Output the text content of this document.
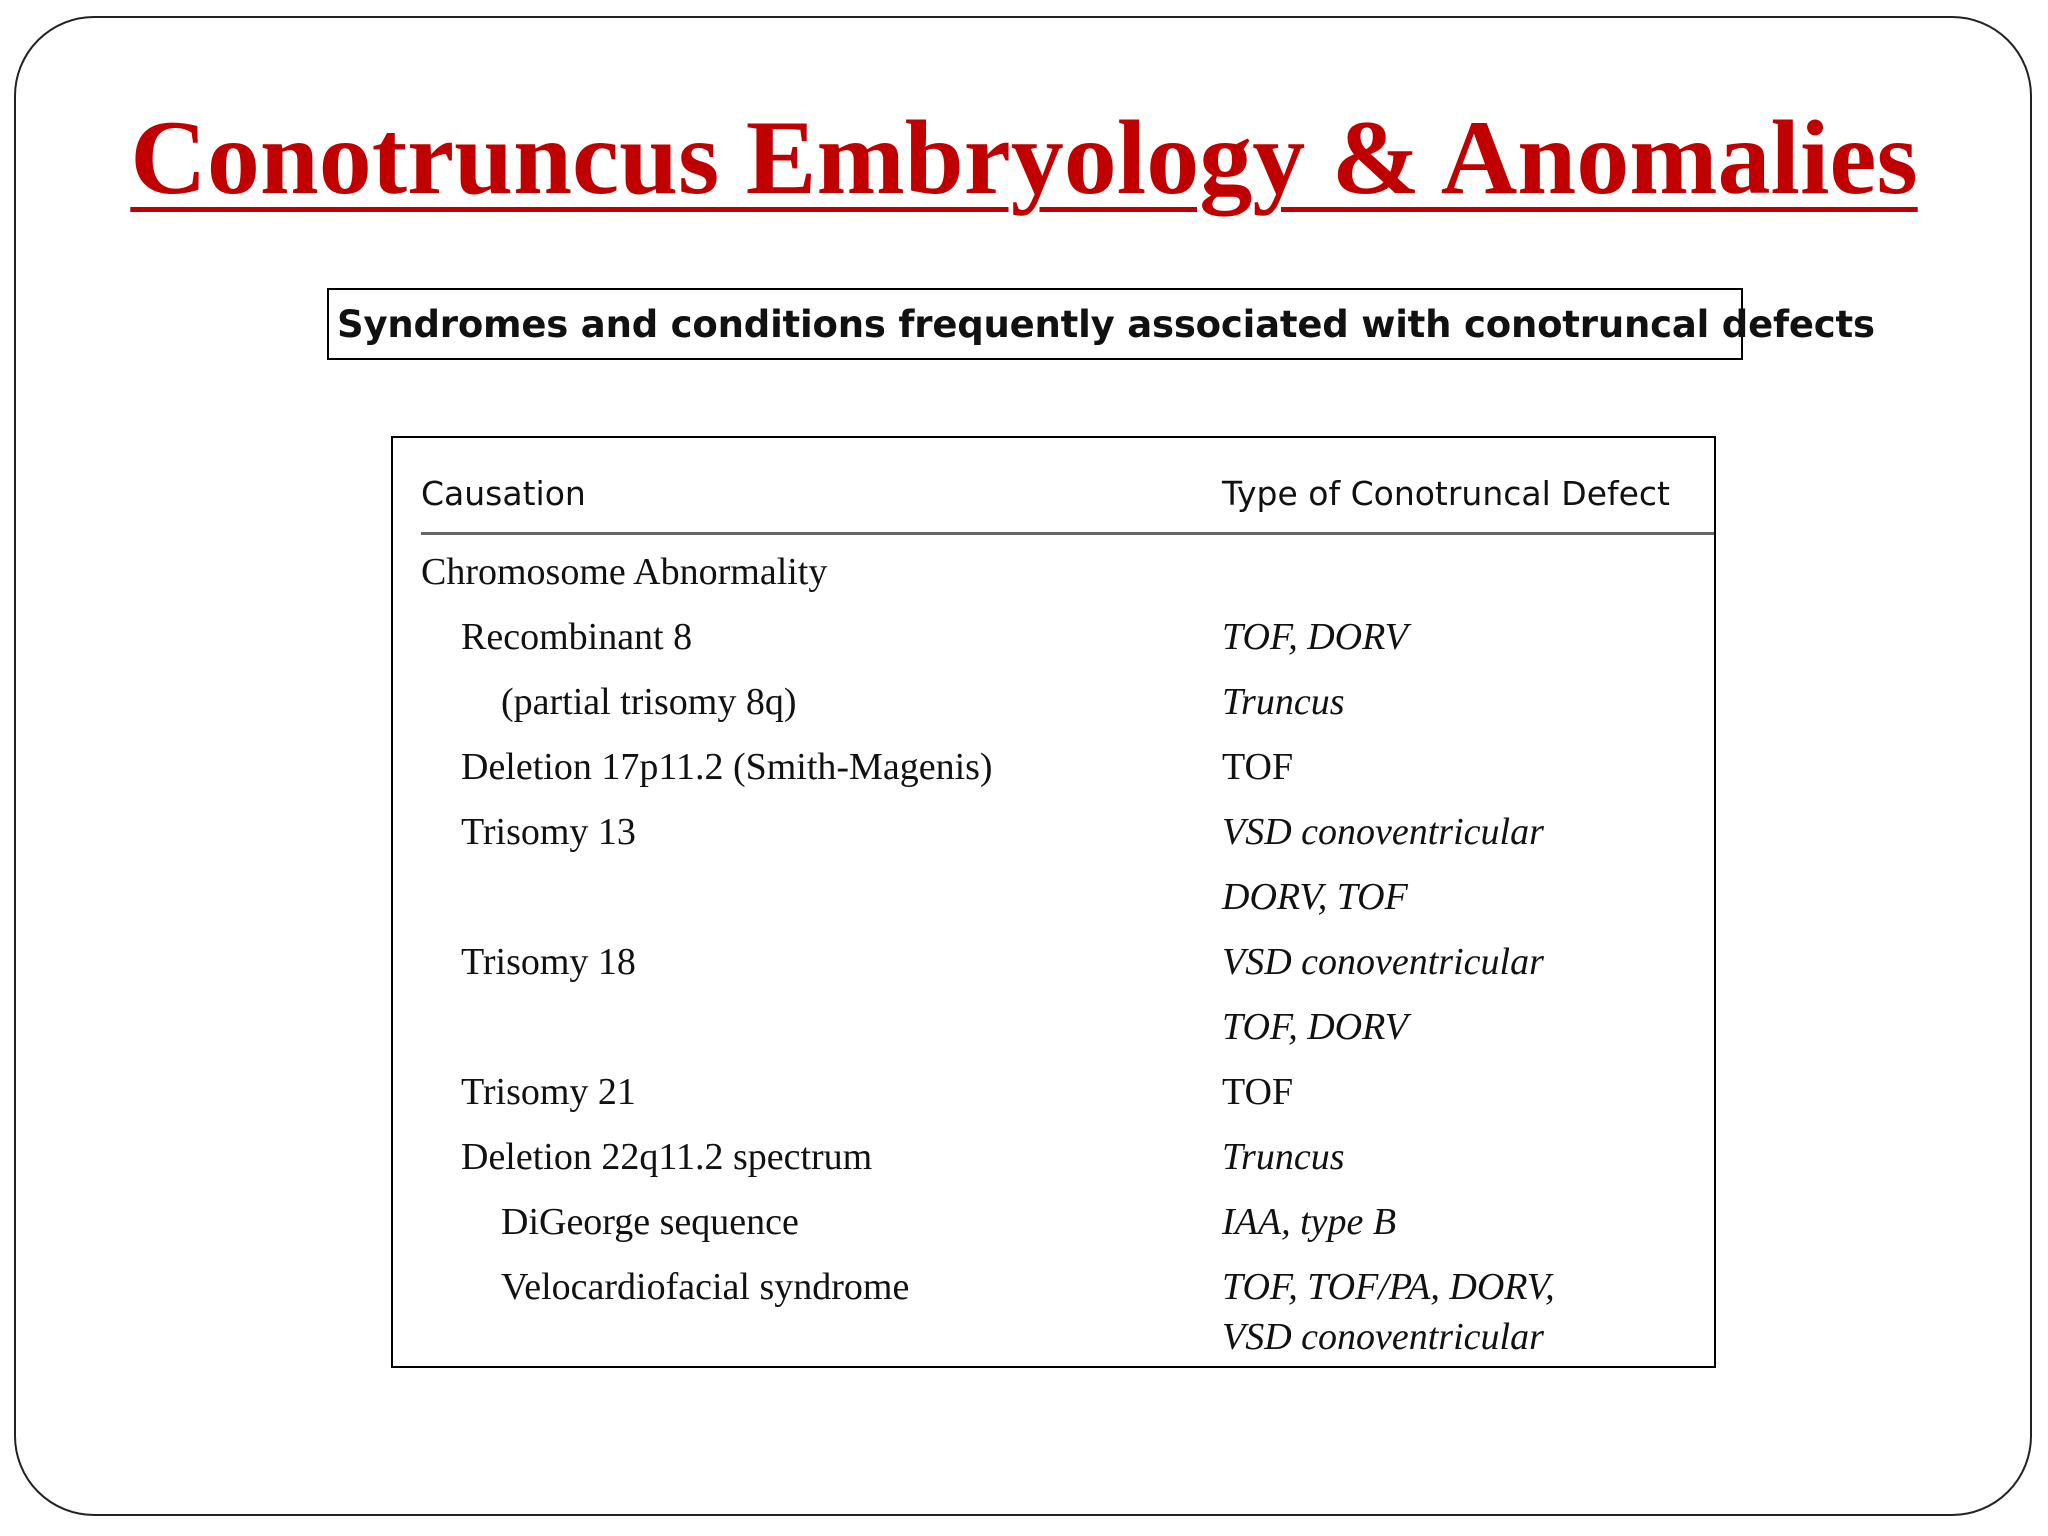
Conotruncus Embryology & Anomalies
Syndromes and conditions frequently associated with conotruncal defects
Causation	Type of Conotruncal Defect
Chromosome Abnormality
Recombinant 8	TOF, DORV
(partial trisomy 8q)	Truncus
Deletion 17p11.2 (Smith-Magenis)	TOF
Trisomy 13	VSD conoventricular
DORV, TOF
Trisomy 18	VSD conoventricular
TOF, DORV
Trisomy 21	TOF
Deletion 22q11.2 spectrum	Truncus
DiGeorge sequence	IAA, type B
Velocardiofacial syndrome	TOF, TOF/PA, DORV,
VSD conoventricular
